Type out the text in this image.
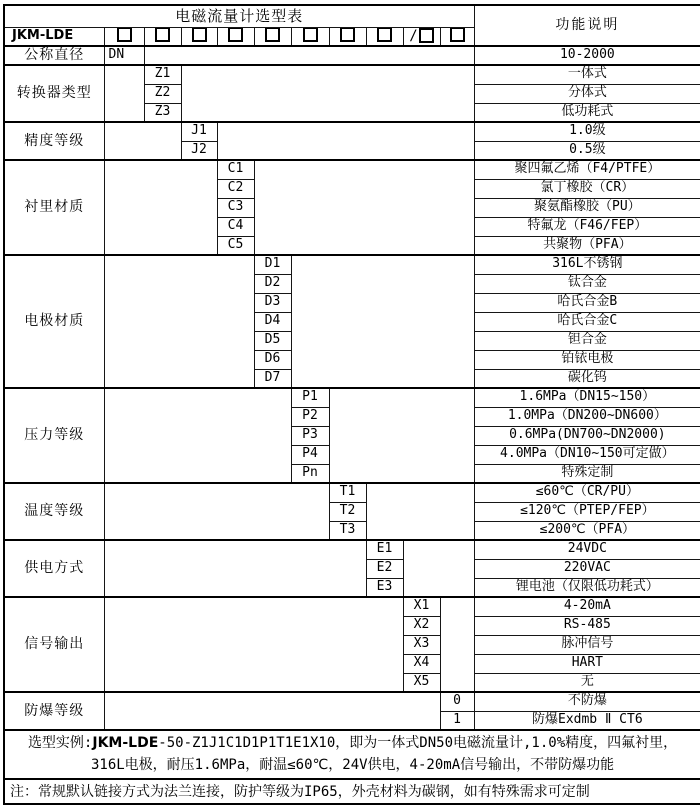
电磁流量计选型表											功能说明
JKM-LDE									/		
公称直径	DN										10-2000
转换器类型		Z1									一体式
		Z2									分体式
		Z3									低功耗式
精度等级			J1								1.0级
			J2								0.5级
衬里材质				C1							聚四氟乙烯（F4/PTFE）
				C2							氯丁橡胶（CR）
				C3							聚氨酯橡胶（PU）
				C4							特氟龙（F46/FEP）
				C5							共聚物（PFA）
电极材质					D1						316L不锈钢
					D2						钛合金
					D3						哈氏合金B
					D4						哈氏合金C
					D5						钽合金
					D6						铂铱电极
					D7						碳化钨
压力等级						P1					1.6MPa（DN15~150）
						P2					1.0MPa（DN200~DN600）
						P3					0.6MPa(DN700~DN2000)
						P4					4.0MPa（DN10~150可定做）
						Pn					特殊定制
温度等级							T1				≤60℃（CR/PU）
							T2				≤120℃（PTEP/FEP）
							T3				≤200℃（PFA）
供电方式								E1			24VDC
								E2			220VAC
								E3			锂电池（仅限低功耗式）
信号输出									X1		4-20mA
									X2		RS-485
									X3		脉冲信号
									X4		HART
									X5		无
防爆等级										0	不防爆
										1	防爆Exdmb Ⅱ CT6
选型实例:JKM-LDE-50-Z1J1C1D1P1T1E1X10，即为一体式DN50电磁流量计,1.0%精度，四氟衬里，
316L电极，耐压1.6MPa，耐温≤60℃，24V供电，4-20mA信号输出，不带防爆功能											
注：常规默认链接方式为法兰连接，防护等级为IP65，外壳材料为碳钢，如有特殊需求可定制											
